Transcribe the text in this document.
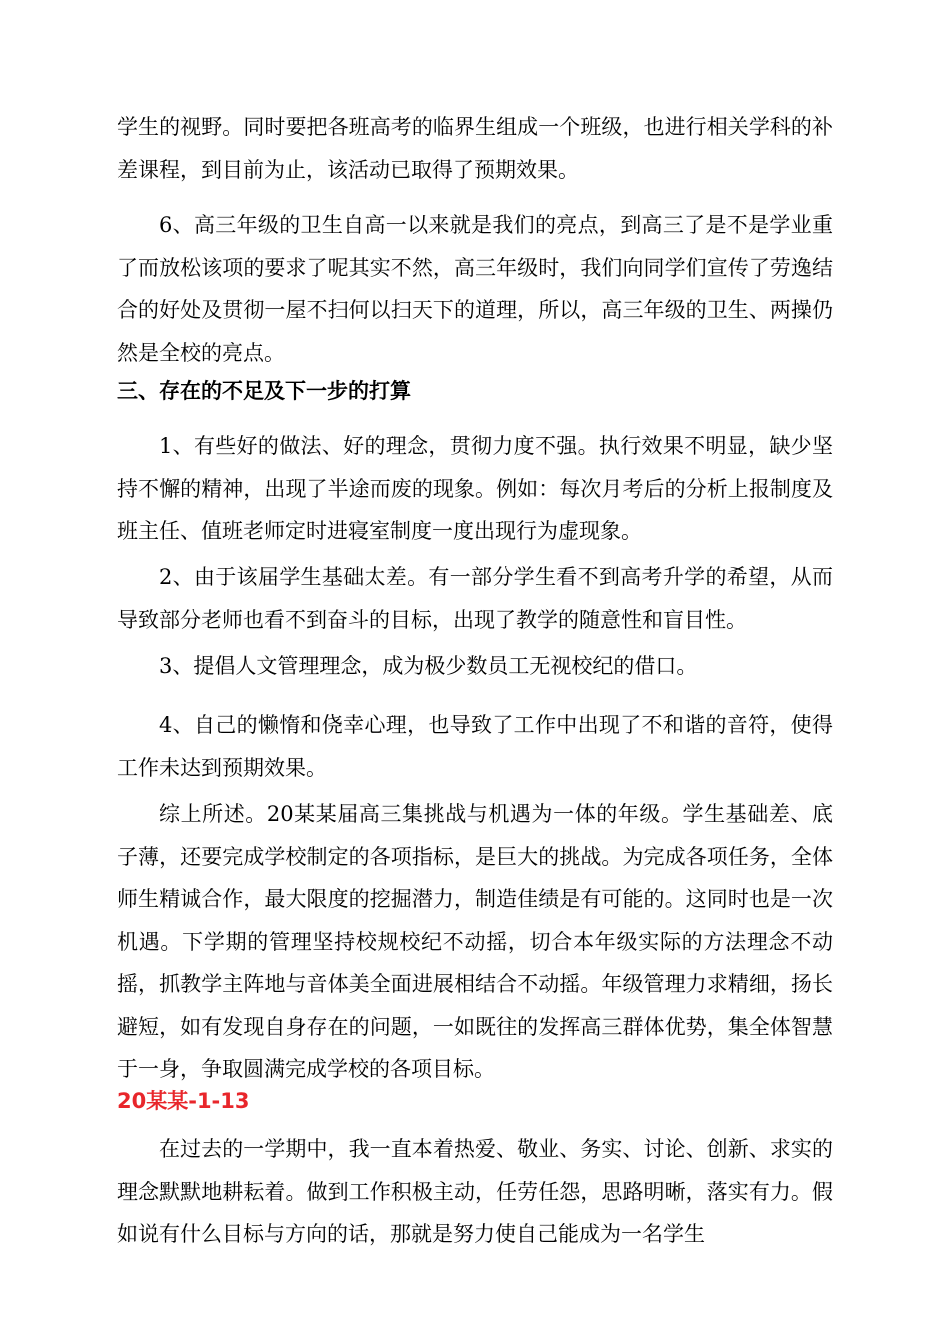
学生的视野。同时要把各班高考的临界生组成一个班级，也进行相关学科的补差课程，到目前为止，该活动已取得了预期效果。

6、高三年级的卫生自高一以来就是我们的亮点，到高三了是不是学业重了而放松该项的要求了呢其实不然，高三年级时，我们向同学们宣传了劳逸结合的好处及贯彻一屋不扫何以扫天下的道理，所以，高三年级的卫生、两操仍然是全校的亮点。

三、存在的不足及下一步的打算

1、有些好的做法、好的理念，贯彻力度不强。执行效果不明显，缺少坚持不懈的精神，出现了半途而废的现象。例如：每次月考后的分析上报制度及班主任、值班老师定时进寝室制度一度出现行为虚现象。

2、由于该届学生基础太差。有一部分学生看不到高考升学的希望，从而导致部分老师也看不到奋斗的目标，出现了教学的随意性和盲目性。

3、提倡人文管理理念，成为极少数员工无视校纪的借口。

4、自己的懒惰和侥幸心理，也导致了工作中出现了不和谐的音符，使得工作未达到预期效果。

综上所述。20某某届高三集挑战与机遇为一体的年级。学生基础差、底子薄，还要完成学校制定的各项指标，是巨大的挑战。为完成各项任务，全体师生精诚合作，最大限度的挖掘潜力，制造佳绩是有可能的。这同时也是一次机遇。下学期的管理坚持校规校纪不动摇，切合本年级实际的方法理念不动摇，抓教学主阵地与音体美全面进展相结合不动摇。年级管理力求精细，扬长避短，如有发现自身存在的问题，一如既往的发挥高三群体优势，集全体智慧于一身，争取圆满完成学校的各项目标。

20某某-1-13

在过去的一学期中，我一直本着热爱、敬业、务实、讨论、创新、求实的理念默默地耕耘着。做到工作积极主动，任劳任怨，思路明晰，落实有力。假如说有什么目标与方向的话，那就是努力使自己能成为一名学生
